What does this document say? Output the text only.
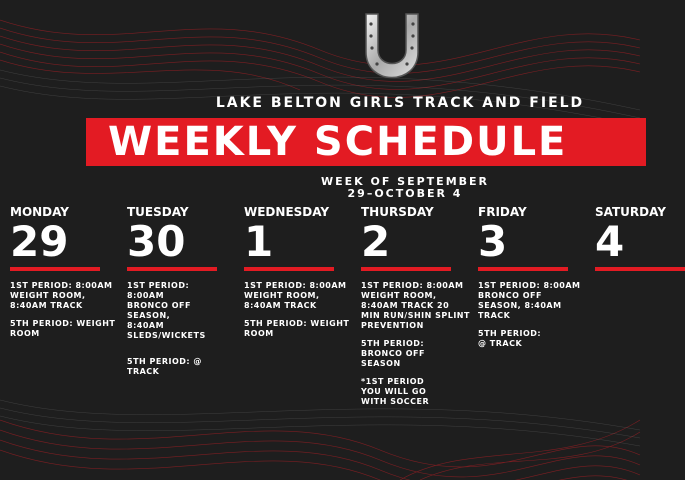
LAKE BELTON GIRLS TRACK AND FIELD
WEEKLY SCHEDULE
WEEK OF SEPTEMBER
29–OCTOBER 4
MONDAY
29
1ST PERIOD: 8:00AM WEIGHT ROOM, 8:40AM TRACK
5TH PERIOD: WEIGHT ROOM
TUESDAY
30
1ST PERIOD: 8:00AM BRONCO OFF SEASON, 8:40AM SLEDS/WICKETS
5TH PERIOD: @ TRACK
WEDNESDAY
1
1ST PERIOD: 8:00AM WEIGHT ROOM, 8:40AM TRACK
5TH PERIOD: WEIGHT ROOM
THURSDAY
2
1ST PERIOD: 8:00AM WEIGHT ROOM, 8:40AM TRACK 20 MIN RUN/SHIN SPLINT PREVENTION
5TH PERIOD: BRONCO OFF SEASON
*1ST PERIOD YOU WILL GO WITH SOCCER
FRIDAY
3
1ST PERIOD: 8:00AM BRONCO OFF SEASON, 8:40AM TRACK
5TH PERIOD: @ TRACK
SATURDAY
4
